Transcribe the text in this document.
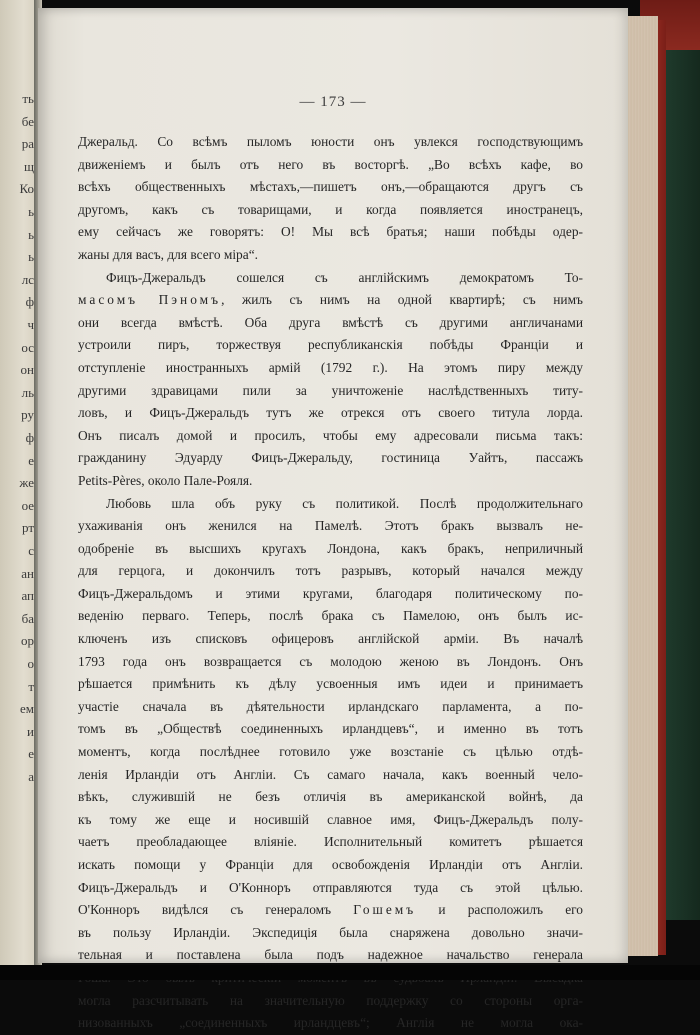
ть
бе
ра
щ
Ко
ь
ь
ь
лс
ф
ч
ос
он
ль
ру
ф
е
же
ое
рт
с
ан
ап
ба
ор
о
т
ем
и
е
а
— 173 —
Джеральд. Со всѣмъ пыломъ юности онъ увлекся господствующимъ
движеніемъ и былъ отъ него въ восторгѣ. „Во всѣхъ кафе, во
всѣхъ общественныхъ мѣстахъ,—пишетъ онъ,—обращаются другъ съ
другомъ, какъ съ товарищами, и когда появляется иностранецъ,
ему сейчасъ же говорятъ: О! Мы всѣ братья; наши побѣды одер-
жаны для васъ, для всего міра“.
Фицъ-Джеральдъ сошелся съ англійскимъ демократомъ То-
масомъ Пэномъ, жилъ съ нимъ на одной квартирѣ; съ нимъ
они всегда вмѣстѣ. Оба друга вмѣстѣ съ другими англичанами
устроили пиръ, торжествуя республиканскія побѣды Франціи и
отступленіе иностранныхъ армій (1792 г.). На этомъ пиру между
другими здравицами пили за уничтоженіе наслѣдственныхъ титу-
ловъ, и Фицъ-Джеральдъ тутъ же отрекся отъ своего титула лорда.
Онъ писалъ домой и просилъ, чтобы ему адресовали письма такъ:
гражданину Эдуарду Фицъ-Джеральду, гостиница Уайтъ, пассажъ
Petits-Pères, около Пале-Рояля.
Любовь шла объ руку съ политикой. Послѣ продолжительнаго
ухаживанія онъ женился на Памелѣ. Этотъ бракъ вызвалъ не-
одобреніе въ высшихъ кругахъ Лондона, какъ бракъ, неприличный
для герцога, и докончилъ тотъ разрывъ, который начался между
Фицъ-Джеральдомъ и этими кругами, благодаря политическому по-
веденію перваго. Теперь, послѣ брака съ Памелою, онъ былъ ис-
ключенъ изъ списковъ офицеровъ англійской арміи. Въ началѣ
1793 года онъ возвращается съ молодою женою въ Лондонъ. Онъ
рѣшается примѣнить къ дѣлу усвоенныя имъ идеи и принимаетъ
участіе сначала въ дѣятельности ирландскаго парламента, а по-
томъ въ „Обществѣ соединенныхъ ирландцевъ“, и именно въ тотъ
моментъ, когда послѣднее готовило уже возстаніе съ цѣлью отдѣ-
ленія Ирландіи отъ Англіи. Съ самаго начала, какъ военный чело-
вѣкъ, служившій не безъ отличія въ американской войнѣ, да
къ тому же еще и носившій славное имя, Фицъ-Джеральдъ полу-
чаетъ преобладающее вліяніе. Исполнительный комитетъ рѣшается
искать помощи у Франціи для освобожденія Ирландіи отъ Англіи.
Фицъ-Джеральдъ и О'Конноръ отправляются туда съ этой цѣлью.
О'Конноръ видѣлся съ генераломъ Гошемъ и расположилъ его
въ пользу Ирландіи. Экспедиція была снаряжена довольно значи-
тельная и поставлена была подъ надежное начальство генерала
могла разсчитывать на значительную поддержку со стороны орга-
низованныхъ „соединенныхъ ирландцевъ“; Англія не могла ока-
